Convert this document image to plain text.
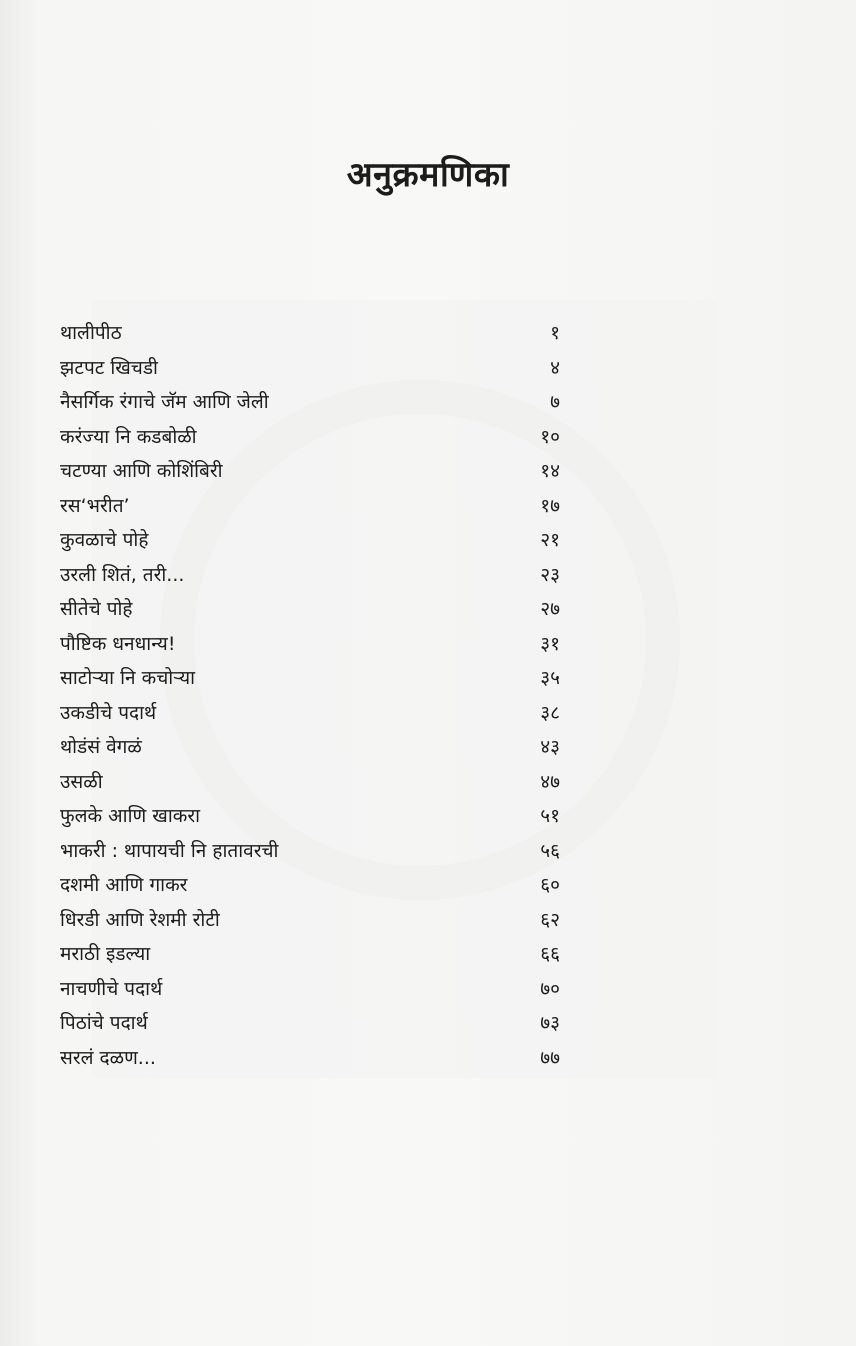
अनुक्रमणिका
थालीपीठ	१
झटपट खिचडी	४
नैसर्गिक रंगाचे जॅम आणि जेली	७
करंज्या नि कडबोळी	१०
चटण्या आणि कोशिंबिरी	१४
रस‘भरीत’	१७
कुवळाचे पोहे	२१
उरली शितं, तरी...	२३
सीतेचे पोहे	२७
पौष्टिक धनधान्य!	३१
साटोऱ्या नि कचोऱ्या	३५
उकडीचे पदार्थ	३८
थोडंसं वेगळं	४३
उसळी	४७
फुलके आणि खाकरा	५१
भाकरी : थापायची नि हातावरची	५६
दशमी आणि गाकर	६०
धिरडी आणि रेशमी रोटी	६२
मराठी इडल्या	६६
नाचणीचे पदार्थ	७०
पिठांचे पदार्थ	७३
सरलं दळण...	७७
